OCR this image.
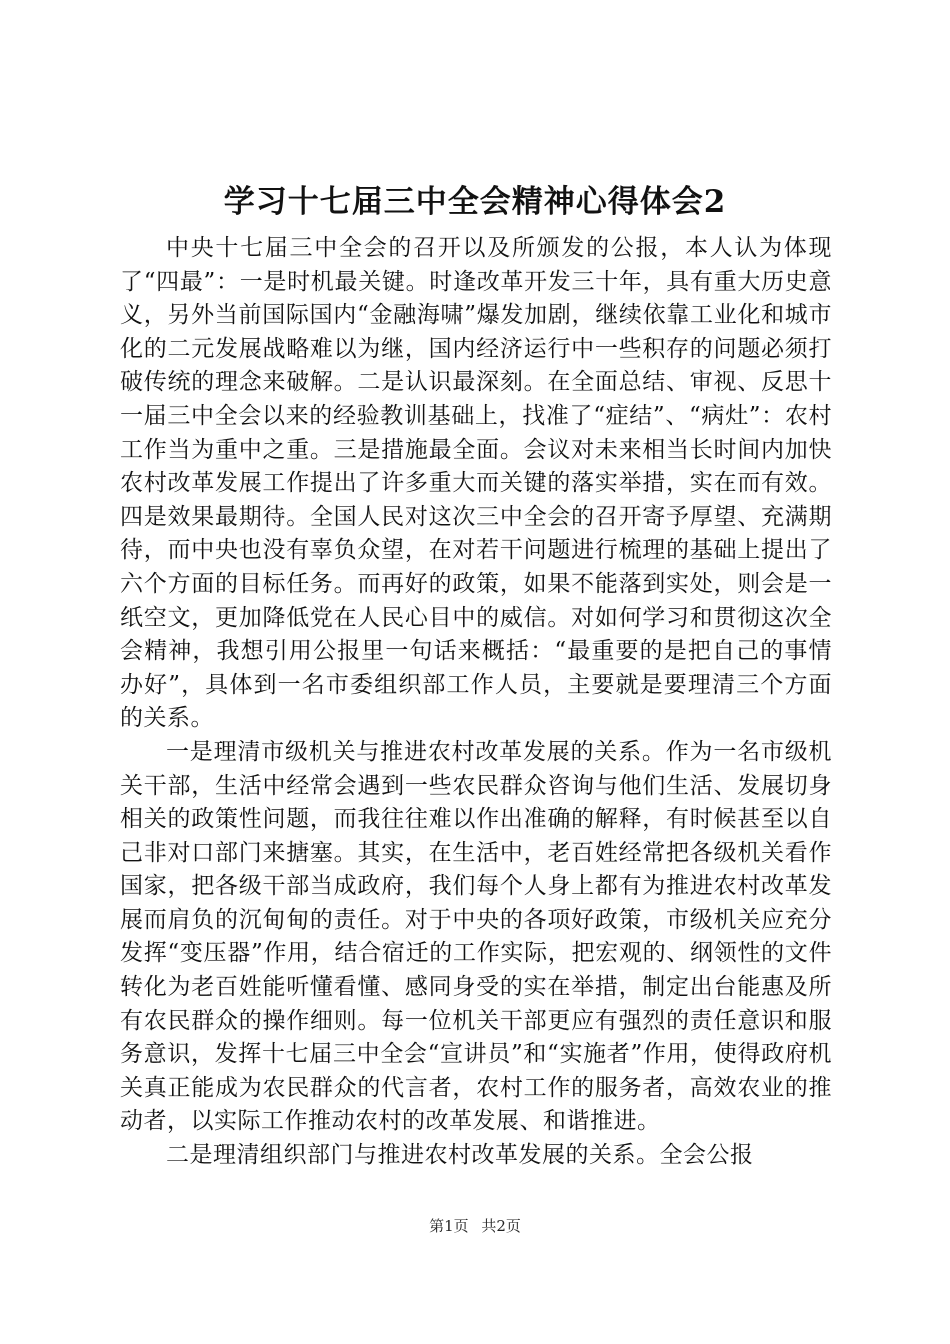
学习十七届三中全会精神心得体会2

中央十七届三中全会的召开以及所颁发的公报，本人认为体现了“四最”：一是时机最关键。时逢改革开发三十年，具有重大历史意义，另外当前国际国内“金融海啸”爆发加剧，继续依靠工业化和城市化的二元发展战略难以为继，国内经济运行中一些积存的问题必须打破传统的理念来破解。二是认识最深刻。在全面总结、审视、反思十一届三中全会以来的经验教训基础上，找准了“症结”、“病灶”：农村工作当为重中之重。三是措施最全面。会议对未来相当长时间内加快农村改革发展工作提出了许多重大而关键的落实举措，实在而有效。四是效果最期待。全国人民对这次三中全会的召开寄予厚望、充满期待，而中央也没有辜负众望，在对若干问题进行梳理的基础上提出了六个方面的目标任务。而再好的政策，如果不能落到实处，则会是一纸空文，更加降低党在人民心目中的威信。对如何学习和贯彻这次全会精神，我想引用公报里一句话来概括：“最重要的是把自己的事情办好”，具体到一名市委组织部工作人员，主要就是要理清三个方面的关系。

一是理清市级机关与推进农村改革发展的关系。作为一名市级机关干部，生活中经常会遇到一些农民群众咨询与他们生活、发展切身相关的政策性问题，而我往往难以作出准确的解释，有时候甚至以自己非对口部门来搪塞。其实，在生活中，老百姓经常把各级机关看作国家，把各级干部当成政府，我们每个人身上都有为推进农村改革发展而肩负的沉甸甸的责任。对于中央的各项好政策，市级机关应充分发挥“变压器”作用，结合宿迁的工作实际，把宏观的、纲领性的文件转化为老百姓能听懂看懂、感同身受的实在举措，制定出台能惠及所有农民群众的操作细则。每一位机关干部更应有强烈的责任意识和服务意识，发挥十七届三中全会“宣讲员”和“实施者”作用，使得政府机关真正能成为农民群众的代言者，农村工作的服务者，高效农业的推动者，以实际工作推动农村的改革发展、和谐推进。

二是理清组织部门与推进农村改革发展的关系。全会公报

第1页 共2页
